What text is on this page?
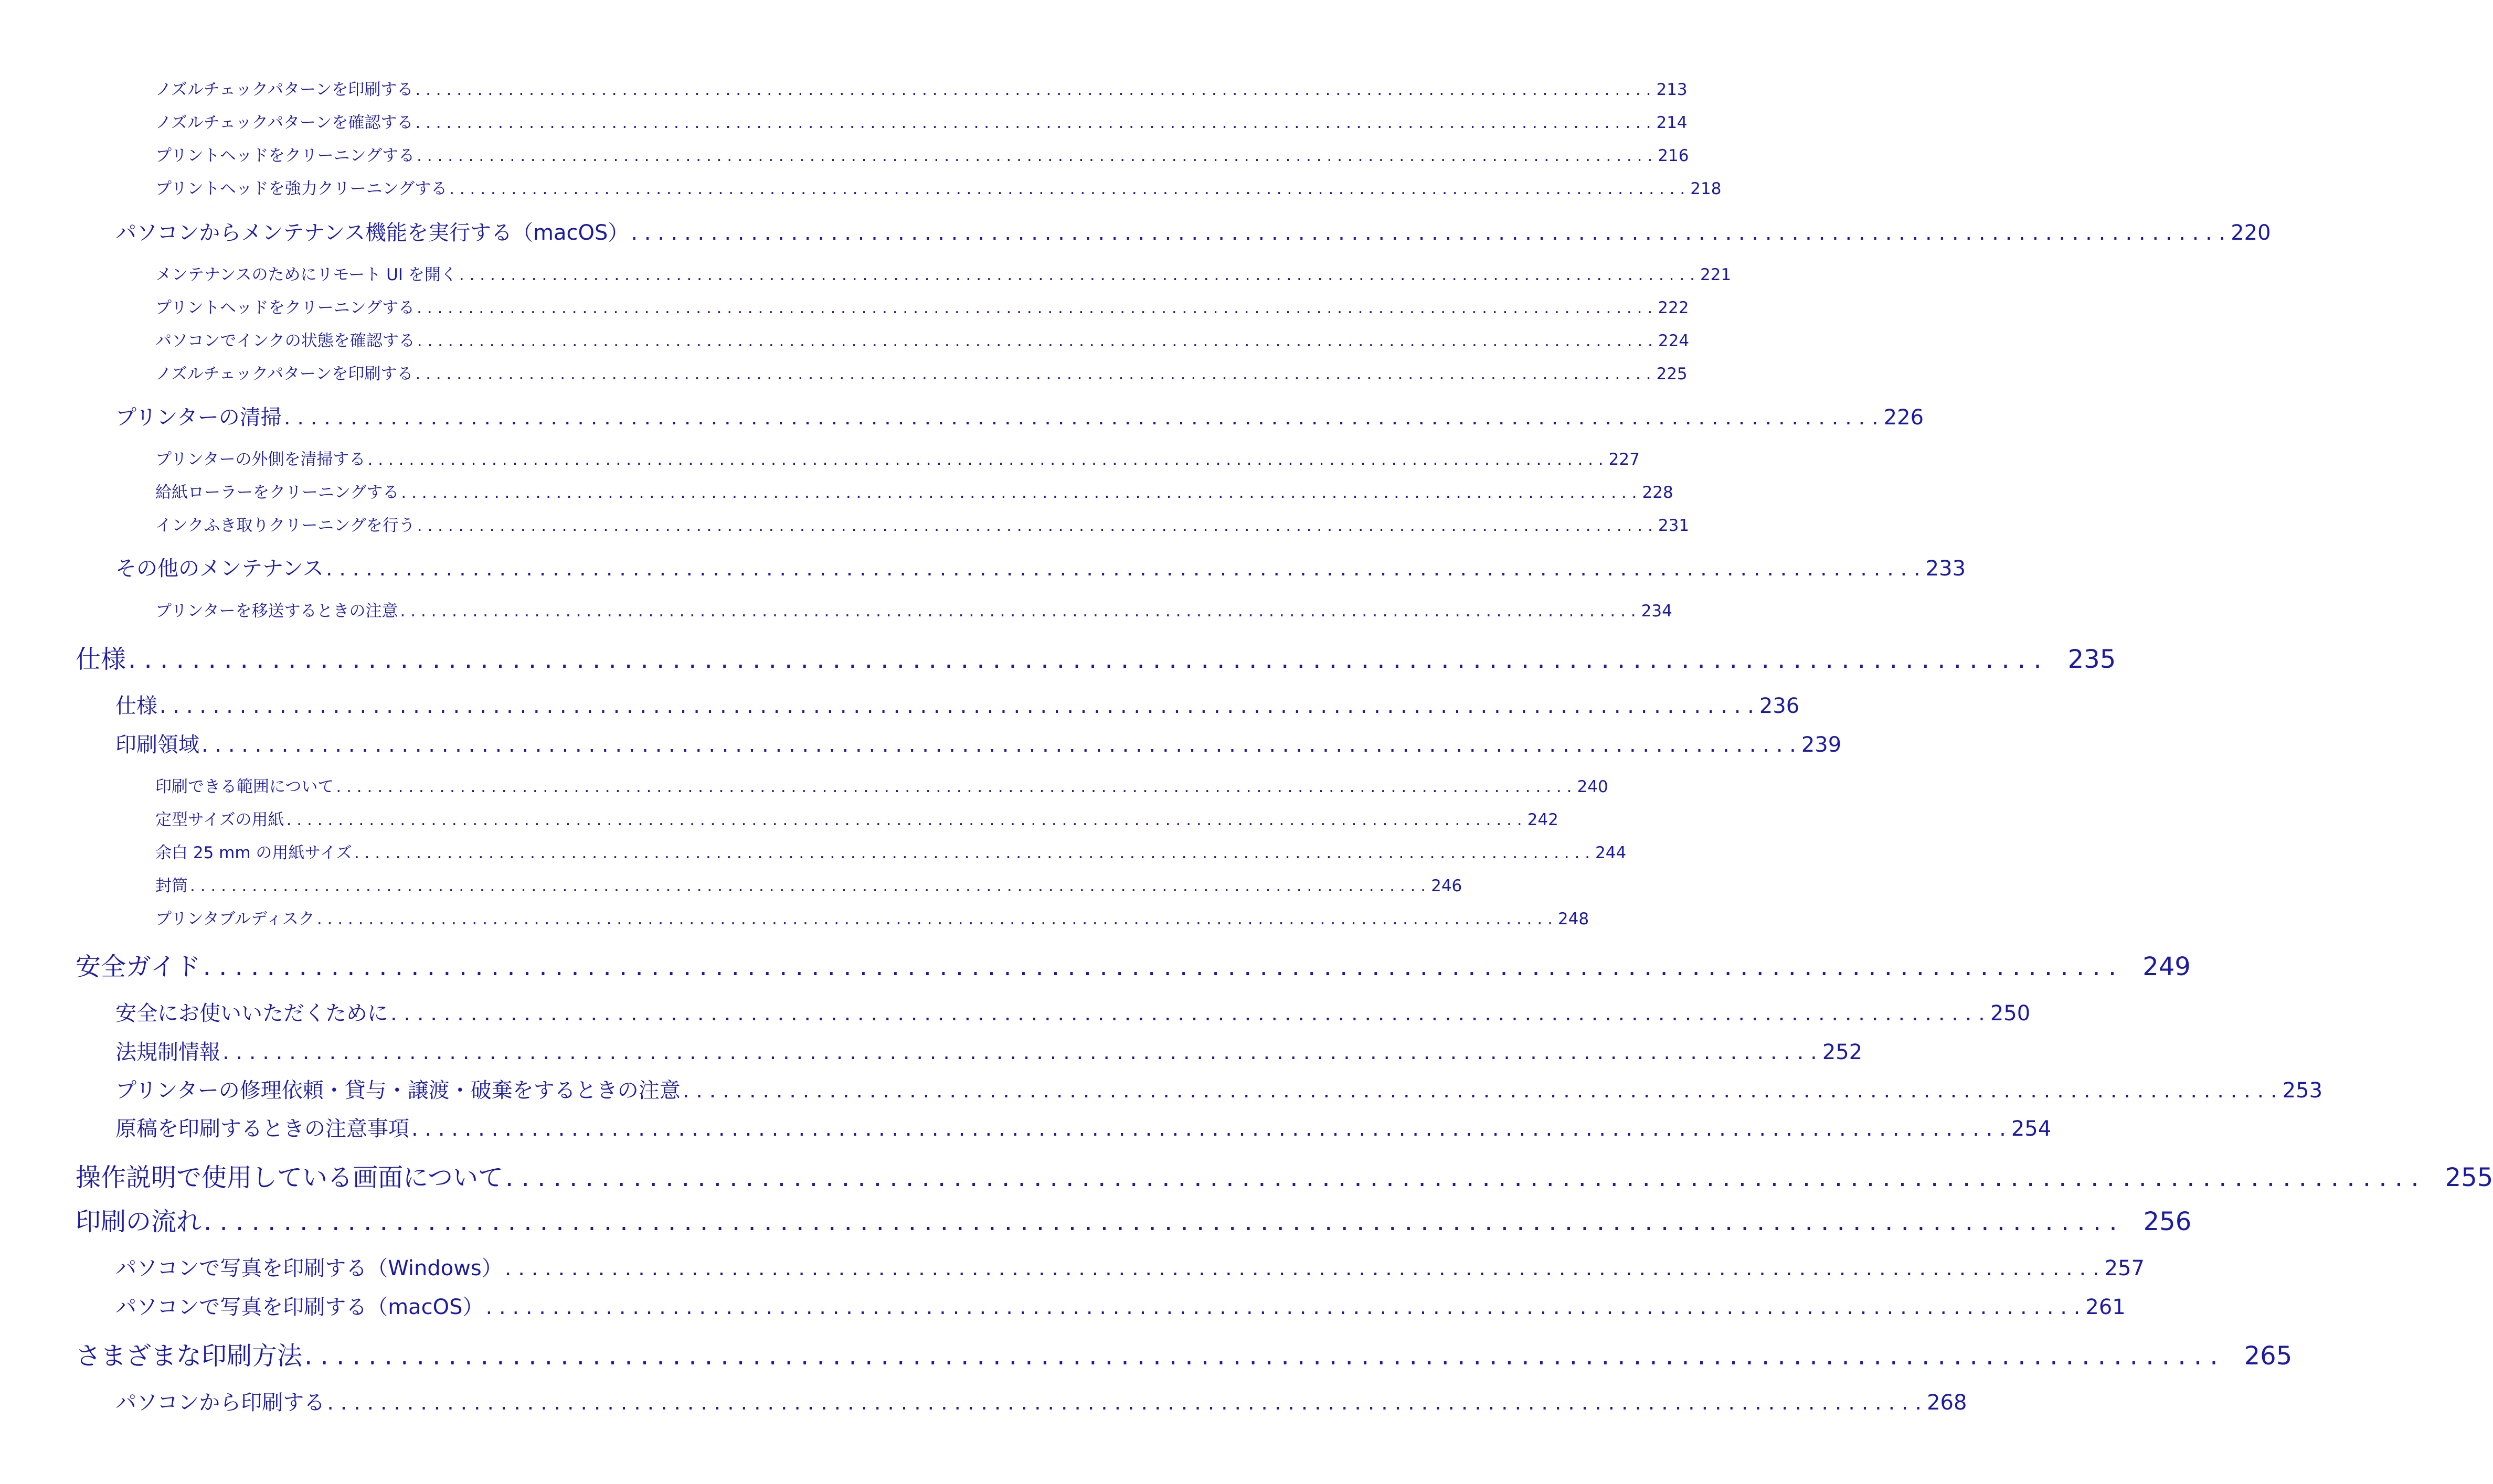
ノズルチェックパターンを印刷する . . . . . . . . . . . . . . . . . . . . . . . . . . . . . . . . . . . . . . . . . . . . . . . . . . . . . . . . . . . . . . . . . . . . . . . . . . . . . . . . . . . . . . . . . . . . . . . . . . . . . . . . . . . . . . . . . . . . . . . . 213
ノズルチェックパターンを確認する . . . . . . . . . . . . . . . . . . . . . . . . . . . . . . . . . . . . . . . . . . . . . . . . . . . . . . . . . . . . . . . . . . . . . . . . . . . . . . . . . . . . . . . . . . . . . . . . . . . . . . . . . . . . . . . . . . . . . . . . 214
プリントヘッドをクリーニングする . . . . . . . . . . . . . . . . . . . . . . . . . . . . . . . . . . . . . . . . . . . . . . . . . . . . . . . . . . . . . . . . . . . . . . . . . . . . . . . . . . . . . . . . . . . . . . . . . . . . . . . . . . . . . . . . . . . . . . . . 216
プリントヘッドを強力クリーニングする . . . . . . . . . . . . . . . . . . . . . . . . . . . . . . . . . . . . . . . . . . . . . . . . . . . . . . . . . . . . . . . . . . . . . . . . . . . . . . . . . . . . . . . . . . . . . . . . . . . . . . . . . . . . . . . . . . . . . . . . 218
パソコンからメンテナンス機能を実行する（macOS） . . . . . . . . . . . . . . . . . . . . . . . . . . . . . . . . . . . . . . . . . . . . . . . . . . . . . . . . . . . . . . . . . . . . . . . . . . . . . . . . . . . . . . . . . . . . . . . . . . . . . . . . . . . . . . . . . . . . . . . . 220
メンテナンスのためにリモート UI を開く . . . . . . . . . . . . . . . . . . . . . . . . . . . . . . . . . . . . . . . . . . . . . . . . . . . . . . . . . . . . . . . . . . . . . . . . . . . . . . . . . . . . . . . . . . . . . . . . . . . . . . . . . . . . . . . . . . . . . . . . 221
プリントヘッドをクリーニングする . . . . . . . . . . . . . . . . . . . . . . . . . . . . . . . . . . . . . . . . . . . . . . . . . . . . . . . . . . . . . . . . . . . . . . . . . . . . . . . . . . . . . . . . . . . . . . . . . . . . . . . . . . . . . . . . . . . . . . . . 222
パソコンでインクの状態を確認する . . . . . . . . . . . . . . . . . . . . . . . . . . . . . . . . . . . . . . . . . . . . . . . . . . . . . . . . . . . . . . . . . . . . . . . . . . . . . . . . . . . . . . . . . . . . . . . . . . . . . . . . . . . . . . . . . . . . . . . . 224
ノズルチェックパターンを印刷する . . . . . . . . . . . . . . . . . . . . . . . . . . . . . . . . . . . . . . . . . . . . . . . . . . . . . . . . . . . . . . . . . . . . . . . . . . . . . . . . . . . . . . . . . . . . . . . . . . . . . . . . . . . . . . . . . . . . . . . . 225
プリンターの清掃 . . . . . . . . . . . . . . . . . . . . . . . . . . . . . . . . . . . . . . . . . . . . . . . . . . . . . . . . . . . . . . . . . . . . . . . . . . . . . . . . . . . . . . . . . . . . . . . . . . . . . . . . . . . . . . . . . . . . . . . . 226
プリンターの外側を清掃する . . . . . . . . . . . . . . . . . . . . . . . . . . . . . . . . . . . . . . . . . . . . . . . . . . . . . . . . . . . . . . . . . . . . . . . . . . . . . . . . . . . . . . . . . . . . . . . . . . . . . . . . . . . . . . . . . . . . . . . . 227
給紙ローラーをクリーニングする . . . . . . . . . . . . . . . . . . . . . . . . . . . . . . . . . . . . . . . . . . . . . . . . . . . . . . . . . . . . . . . . . . . . . . . . . . . . . . . . . . . . . . . . . . . . . . . . . . . . . . . . . . . . . . . . . . . . . . . . 228
インクふき取りクリーニングを行う . . . . . . . . . . . . . . . . . . . . . . . . . . . . . . . . . . . . . . . . . . . . . . . . . . . . . . . . . . . . . . . . . . . . . . . . . . . . . . . . . . . . . . . . . . . . . . . . . . . . . . . . . . . . . . . . . . . . . . . . 231
その他のメンテナンス . . . . . . . . . . . . . . . . . . . . . . . . . . . . . . . . . . . . . . . . . . . . . . . . . . . . . . . . . . . . . . . . . . . . . . . . . . . . . . . . . . . . . . . . . . . . . . . . . . . . . . . . . . . . . . . . . . . . . . . . 233
プリンターを移送するときの注意 . . . . . . . . . . . . . . . . . . . . . . . . . . . . . . . . . . . . . . . . . . . . . . . . . . . . . . . . . . . . . . . . . . . . . . . . . . . . . . . . . . . . . . . . . . . . . . . . . . . . . . . . . . . . . . . . . . . . . . . . 234
仕様 . . . . . . . . . . . . . . . . . . . . . . . . . . . . . . . . . . . . . . . . . . . . . . . . . . . . . . . . . . . . . . . . . . . . . . . . . . . . . . . . . . . . . . . . . . . . . . . . . . . . . . . . . . . . . . . . . . . . . . . . 235
仕様 . . . . . . . . . . . . . . . . . . . . . . . . . . . . . . . . . . . . . . . . . . . . . . . . . . . . . . . . . . . . . . . . . . . . . . . . . . . . . . . . . . . . . . . . . . . . . . . . . . . . . . . . . . . . . . . . . . . . . . . . 236
印刷領域 . . . . . . . . . . . . . . . . . . . . . . . . . . . . . . . . . . . . . . . . . . . . . . . . . . . . . . . . . . . . . . . . . . . . . . . . . . . . . . . . . . . . . . . . . . . . . . . . . . . . . . . . . . . . . . . . . . . . . . . . 239
印刷できる範囲について . . . . . . . . . . . . . . . . . . . . . . . . . . . . . . . . . . . . . . . . . . . . . . . . . . . . . . . . . . . . . . . . . . . . . . . . . . . . . . . . . . . . . . . . . . . . . . . . . . . . . . . . . . . . . . . . . . . . . . . . 240
定型サイズの用紙 . . . . . . . . . . . . . . . . . . . . . . . . . . . . . . . . . . . . . . . . . . . . . . . . . . . . . . . . . . . . . . . . . . . . . . . . . . . . . . . . . . . . . . . . . . . . . . . . . . . . . . . . . . . . . . . . . . . . . . . . 242
余白 25 mm の用紙サイズ . . . . . . . . . . . . . . . . . . . . . . . . . . . . . . . . . . . . . . . . . . . . . . . . . . . . . . . . . . . . . . . . . . . . . . . . . . . . . . . . . . . . . . . . . . . . . . . . . . . . . . . . . . . . . . . . . . . . . . . . 244
封筒 . . . . . . . . . . . . . . . . . . . . . . . . . . . . . . . . . . . . . . . . . . . . . . . . . . . . . . . . . . . . . . . . . . . . . . . . . . . . . . . . . . . . . . . . . . . . . . . . . . . . . . . . . . . . . . . . . . . . . . . . 246
プリンタブルディスク . . . . . . . . . . . . . . . . . . . . . . . . . . . . . . . . . . . . . . . . . . . . . . . . . . . . . . . . . . . . . . . . . . . . . . . . . . . . . . . . . . . . . . . . . . . . . . . . . . . . . . . . . . . . . . . . . . . . . . . . 248
安全ガイド . . . . . . . . . . . . . . . . . . . . . . . . . . . . . . . . . . . . . . . . . . . . . . . . . . . . . . . . . . . . . . . . . . . . . . . . . . . . . . . . . . . . . . . . . . . . . . . . . . . . . . . . . . . . . . . . . . . . . . . . 249
安全にお使いいただくために . . . . . . . . . . . . . . . . . . . . . . . . . . . . . . . . . . . . . . . . . . . . . . . . . . . . . . . . . . . . . . . . . . . . . . . . . . . . . . . . . . . . . . . . . . . . . . . . . . . . . . . . . . . . . . . . . . . . . . . . 250
法規制情報 . . . . . . . . . . . . . . . . . . . . . . . . . . . . . . . . . . . . . . . . . . . . . . . . . . . . . . . . . . . . . . . . . . . . . . . . . . . . . . . . . . . . . . . . . . . . . . . . . . . . . . . . . . . . . . . . . . . . . . . . 252
プリンターの修理依頼・貸与・譲渡・破棄をするときの注意 . . . . . . . . . . . . . . . . . . . . . . . . . . . . . . . . . . . . . . . . . . . . . . . . . . . . . . . . . . . . . . . . . . . . . . . . . . . . . . . . . . . . . . . . . . . . . . . . . . . . . . . . . . . . . . . . . . . . . . . . 253
原稿を印刷するときの注意事項 . . . . . . . . . . . . . . . . . . . . . . . . . . . . . . . . . . . . . . . . . . . . . . . . . . . . . . . . . . . . . . . . . . . . . . . . . . . . . . . . . . . . . . . . . . . . . . . . . . . . . . . . . . . . . . . . . . . . . . . . 254
操作説明で使用している画面について . . . . . . . . . . . . . . . . . . . . . . . . . . . . . . . . . . . . . . . . . . . . . . . . . . . . . . . . . . . . . . . . . . . . . . . . . . . . . . . . . . . . . . . . . . . . . . . . . . . . . . . . . . . . . . . . . . . . . . . . 255
印刷の流れ . . . . . . . . . . . . . . . . . . . . . . . . . . . . . . . . . . . . . . . . . . . . . . . . . . . . . . . . . . . . . . . . . . . . . . . . . . . . . . . . . . . . . . . . . . . . . . . . . . . . . . . . . . . . . . . . . . . . . . . . 256
パソコンで写真を印刷する（Windows） . . . . . . . . . . . . . . . . . . . . . . . . . . . . . . . . . . . . . . . . . . . . . . . . . . . . . . . . . . . . . . . . . . . . . . . . . . . . . . . . . . . . . . . . . . . . . . . . . . . . . . . . . . . . . . . . . . . . . . . . 257
パソコンで写真を印刷する（macOS） . . . . . . . . . . . . . . . . . . . . . . . . . . . . . . . . . . . . . . . . . . . . . . . . . . . . . . . . . . . . . . . . . . . . . . . . . . . . . . . . . . . . . . . . . . . . . . . . . . . . . . . . . . . . . . . . . . . . . . . . 261
さまざまな印刷方法 . . . . . . . . . . . . . . . . . . . . . . . . . . . . . . . . . . . . . . . . . . . . . . . . . . . . . . . . . . . . . . . . . . . . . . . . . . . . . . . . . . . . . . . . . . . . . . . . . . . . . . . . . . . . . . . . . . . . . . . . 265
パソコンから印刷する . . . . . . . . . . . . . . . . . . . . . . . . . . . . . . . . . . . . . . . . . . . . . . . . . . . . . . . . . . . . . . . . . . . . . . . . . . . . . . . . . . . . . . . . . . . . . . . . . . . . . . . . . . . . . . . . . . . . . . . . 268
